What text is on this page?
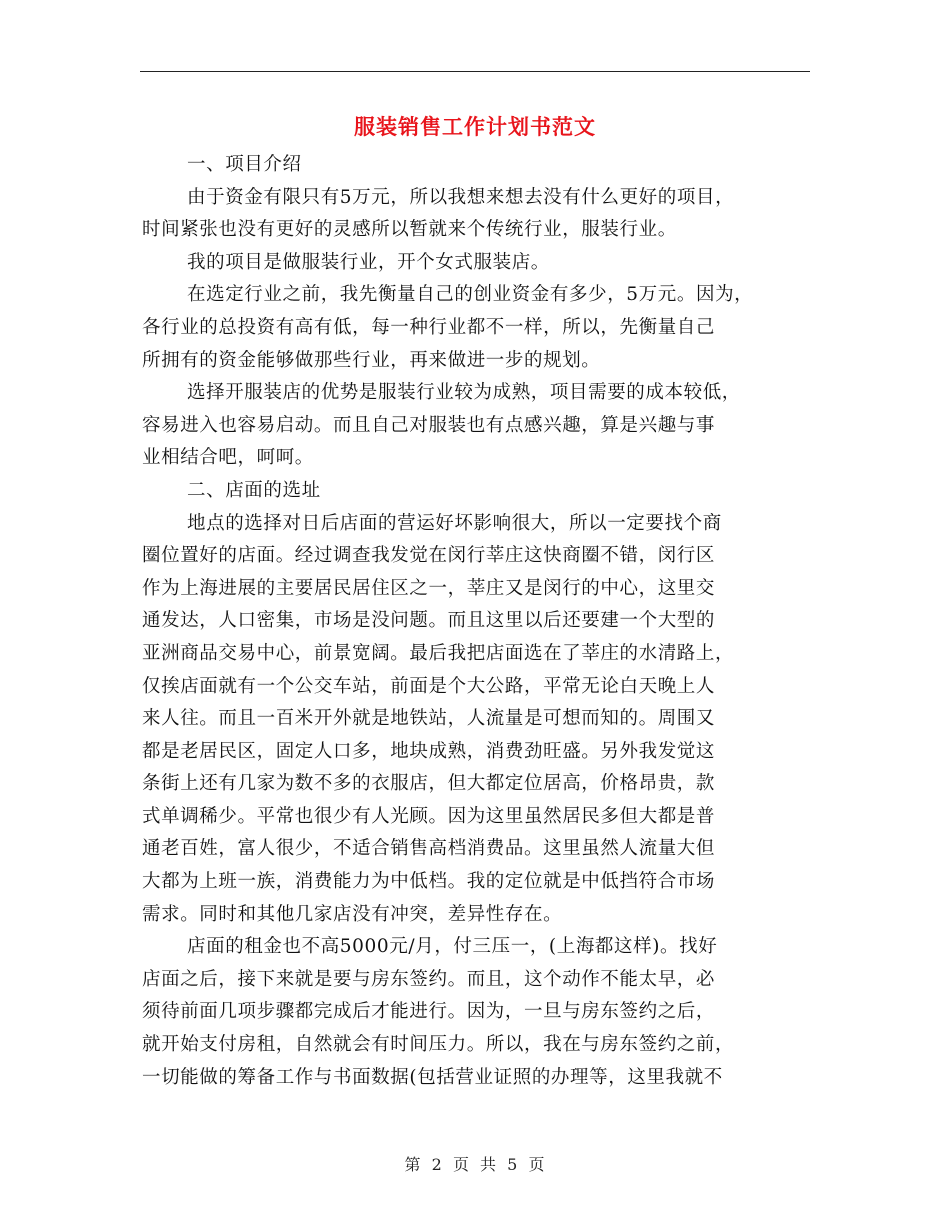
服装销售工作计划书范文
一、项目介绍
由于资金有限只有5万元，所以我想来想去没有什么更好的项目，
时间紧张也没有更好的灵感所以暂就来个传统行业，服装行业。
我的项目是做服装行业，开个女式服装店。
在选定行业之前，我先衡量自己的创业资金有多少，5万元。因为，
各行业的总投资有高有低，每一种行业都不一样，所以，先衡量自己
所拥有的资金能够做那些行业，再来做进一步的规划。
选择开服装店的优势是服装行业较为成熟，项目需要的成本较低，
容易进入也容易启动。而且自己对服装也有点感兴趣，算是兴趣与事
业相结合吧，呵呵。
二、店面的选址
地点的选择对日后店面的营运好坏影响很大，所以一定要找个商
圈位置好的店面。经过调查我发觉在闵行莘庄这快商圈不错，闵行区
作为上海进展的主要居民居住区之一，莘庄又是闵行的中心，这里交
通发达，人口密集，市场是没问题。而且这里以后还要建一个大型的
亚洲商品交易中心，前景宽阔。最后我把店面选在了莘庄的水清路上，
仅挨店面就有一个公交车站，前面是个大公路，平常无论白天晚上人
来人往。而且一百米开外就是地铁站，人流量是可想而知的。周围又
都是老居民区，固定人口多，地块成熟，消费劲旺盛。另外我发觉这
条街上还有几家为数不多的衣服店，但大都定位居高，价格昂贵，款
式单调稀少。平常也很少有人光顾。因为这里虽然居民多但大都是普
通老百姓，富人很少，不适合销售高档消费品。这里虽然人流量大但
大都为上班一族，消费能力为中低档。我的定位就是中低挡符合市场
需求。同时和其他几家店没有冲突，差异性存在。
店面的租金也不高5000元/月，付三压一，(上海都这样)。找好
店面之后，接下来就是要与房东签约。而且，这个动作不能太早，必
须待前面几项步骤都完成后才能进行。因为，一旦与房东签约之后，
就开始支付房租，自然就会有时间压力。所以，我在与房东签约之前，
一切能做的筹备工作与书面数据(包括营业证照的办理等，这里我就不
第 2 页 共 5 页
